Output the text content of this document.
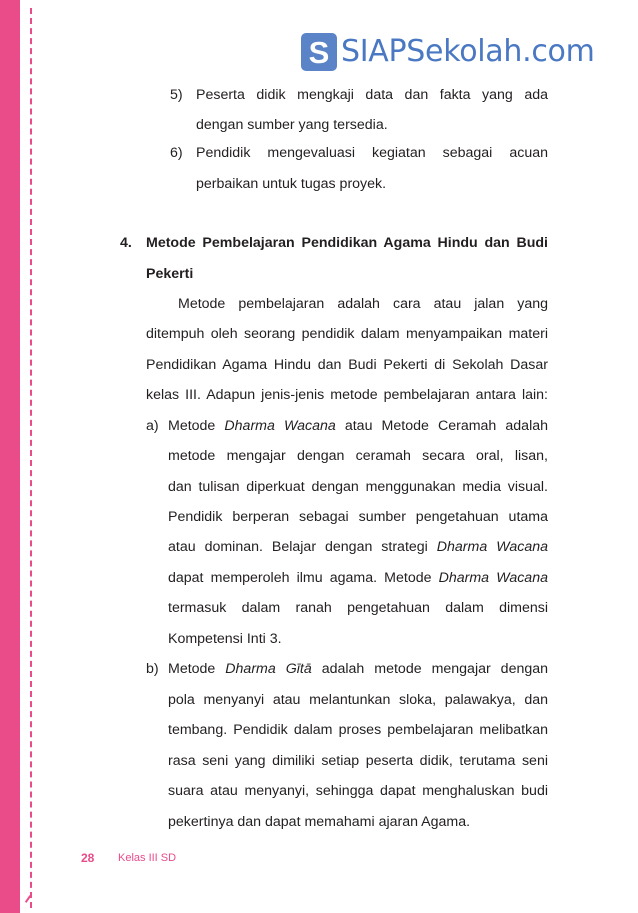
S SIAPSekolah.com
5) Peserta didik mengkaji data dan fakta yang ada
dengan sumber yang tersedia.
6) Pendidik mengevaluasi kegiatan sebagai acuan
perbaikan untuk tugas proyek.
4. Metode Pembelajaran Pendidikan Agama Hindu dan Budi
Pekerti
Metode pembelajaran adalah cara atau jalan yang
ditempuh oleh seorang pendidik dalam menyampaikan materi
Pendidikan Agama Hindu dan Budi Pekerti di Sekolah Dasar
kelas III. Adapun jenis-jenis metode pembelajaran antara lain:
a) Metode Dharma Wacana atau Metode Ceramah adalah
metode mengajar dengan ceramah secara oral, lisan,
dan tulisan diperkuat dengan menggunakan media visual.
Pendidik berperan sebagai sumber pengetahuan utama
atau dominan. Belajar dengan strategi Dharma Wacana
dapat memperoleh ilmu agama. Metode Dharma Wacana
termasuk dalam ranah pengetahuan dalam dimensi
Kompetensi Inti 3.
b) Metode Dharma Gītā adalah metode mengajar dengan
pola menyanyi atau melantunkan sloka, palawakya, dan
tembang. Pendidik dalam proses pembelajaran melibatkan
rasa seni yang dimiliki setiap peserta didik, terutama seni
suara atau menyanyi, sehingga dapat menghaluskan budi
pekertinya dan dapat memahami ajaran Agama.
28 Kelas III SD
